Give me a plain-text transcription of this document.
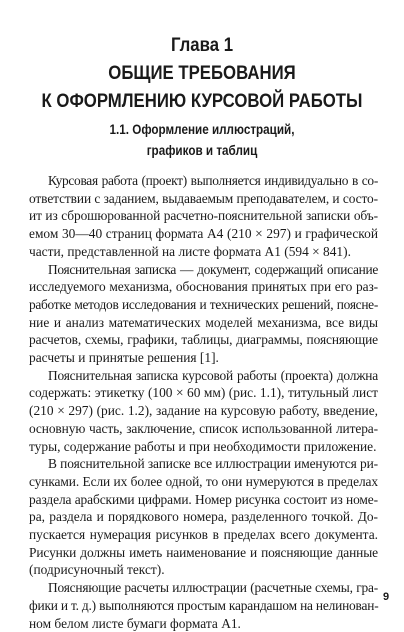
Глава 1
ОБЩИЕ ТРЕБОВАНИЯ
К ОФОРМЛЕНИЮ КУРСОВОЙ РАБОТЫ
1.1. Оформление иллюстраций,
графиков и таблиц

Курсовая работа (проект) выполняется индивидуально в со-
ответствии с заданием, выдаваемым преподавателем, и состо-
ит из сброшюрованной расчетно-пояснительной записки объ-
емом 30—40 страниц формата А4 (210 × 297) и графической
части, представленной на листе формата А1 (594 × 841).

Пояснительная записка — документ, содержащий описание
исследуемого механизма, обоснования принятых при его раз-
работке методов исследования и технических решений, поясне-
ние и анализ математических моделей механизма, все виды
расчетов, схемы, графики, таблицы, диаграммы, поясняющие
расчеты и принятые решения [1].

Пояснительная записка курсовой работы (проекта) должна
содержать: этикетку (100 × 60 мм) (рис. 1.1), титульный лист
(210 × 297) (рис. 1.2), задание на курсовую работу, введение,
основную часть, заключение, список использованной литера-
туры, содержание работы и при необходимости приложение.

В пояснительной записке все иллюстрации именуются ри-
сунками. Если их более одной, то они нумеруются в пределах
раздела арабскими цифрами. Номер рисунка состоит из номе-
ра, раздела и порядкового номера, разделенного точкой. До-
пускается нумерация рисунков в пределах всего документа.
Рисунки должны иметь наименование и поясняющие данные
(подрисуночный текст).

Поясняющие расчеты иллюстрации (расчетные схемы, гра-
фики и т. д.) выполняются простым карандашом на нелинован-
ном белом листе бумаги формата А1.

9
